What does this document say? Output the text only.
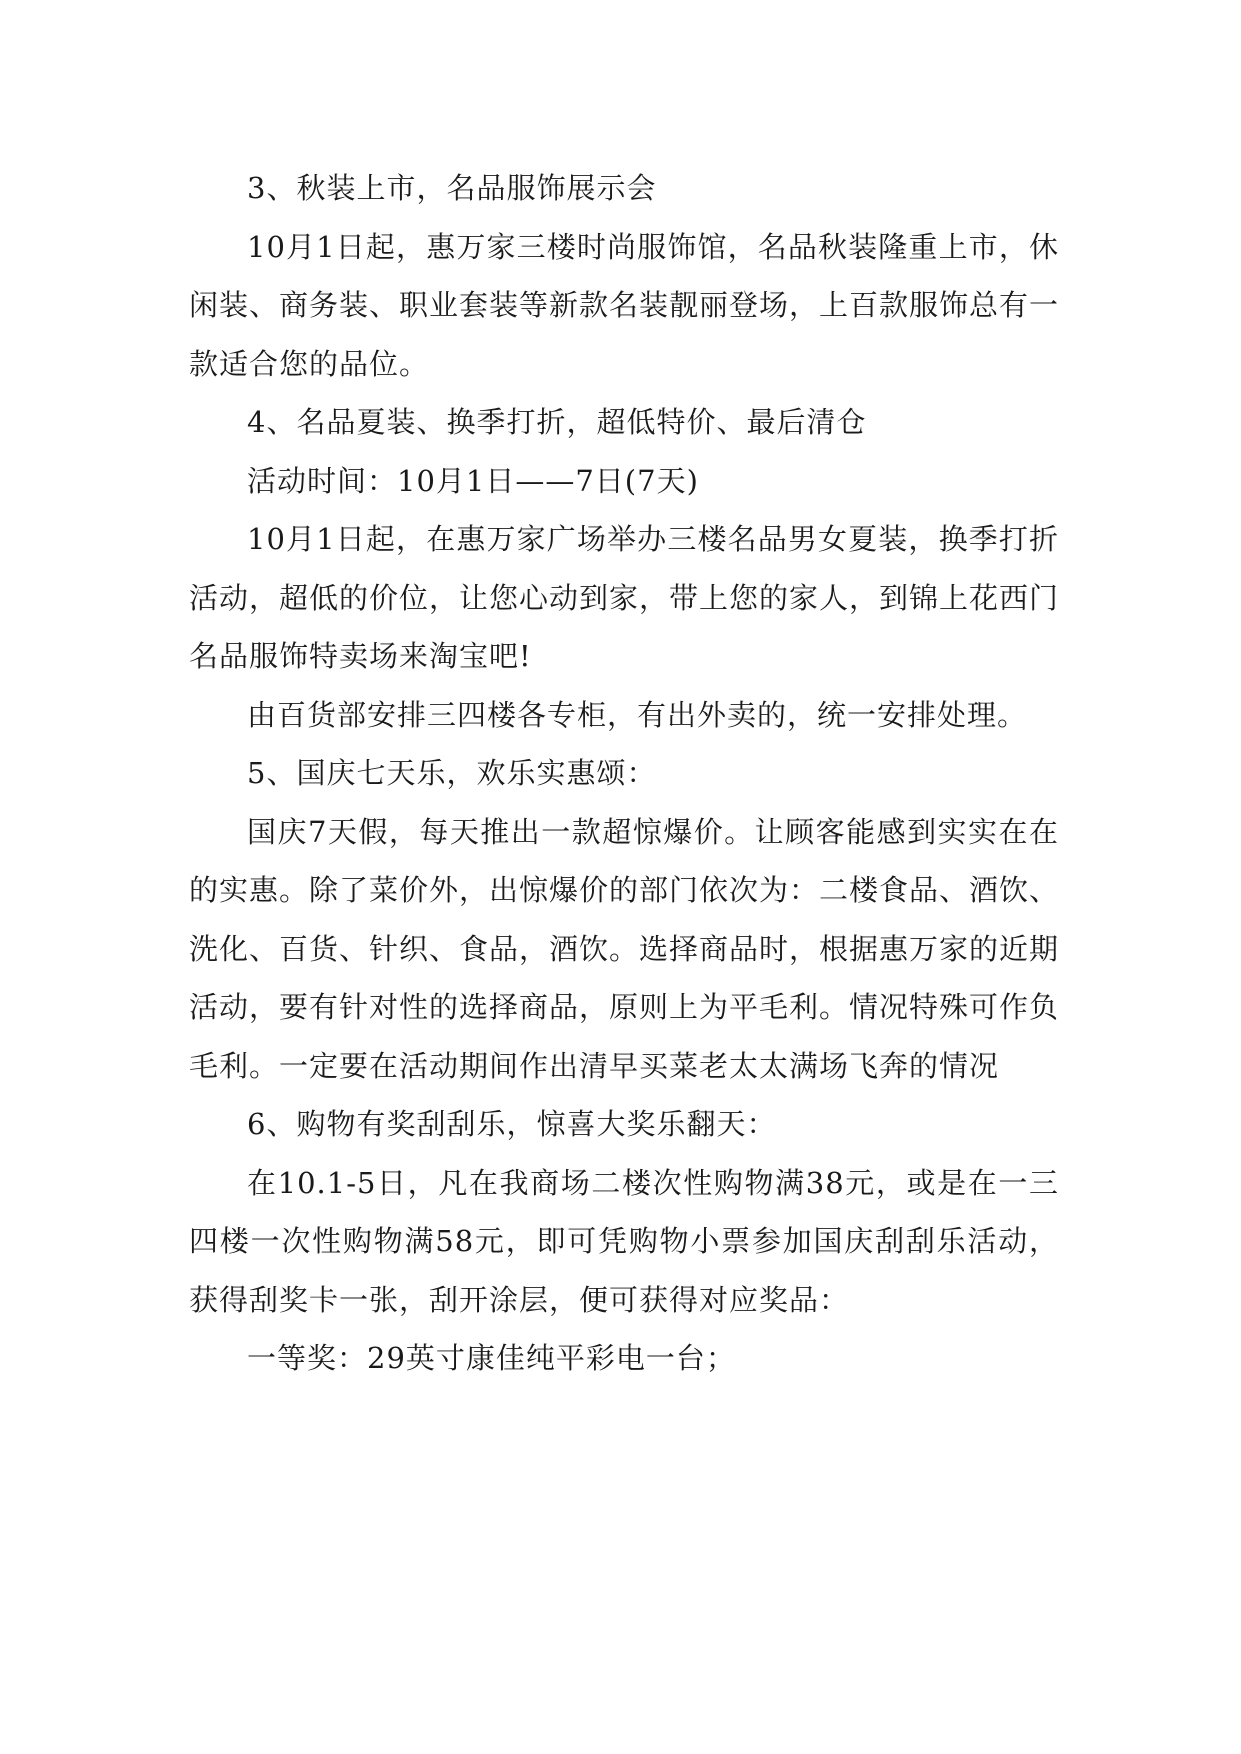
3、秋装上市，名品服饰展示会

10月1日起，惠万家三楼时尚服饰馆，名品秋装隆重上市，休闲装、商务装、职业套装等新款名装靓丽登场，上百款服饰总有一款适合您的品位。

4、名品夏装、换季打折，超低特价、最后清仓

活动时间：10月1日——7日(7天)

10月1日起，在惠万家广场举办三楼名品男女夏装，换季打折活动，超低的价位，让您心动到家，带上您的家人，到锦上花西门名品服饰特卖场来淘宝吧!

由百货部安排三四楼各专柜，有出外卖的，统一安排处理。

5、国庆七天乐，欢乐实惠颂：

国庆7天假，每天推出一款超惊爆价。让顾客能感到实实在在的实惠。除了菜价外，出惊爆价的部门依次为：二楼食品、酒饮、洗化、百货、针织、食品，酒饮。选择商品时，根据惠万家的近期活动，要有针对性的选择商品，原则上为平毛利。情况特殊可作负毛利。一定要在活动期间作出清早买菜老太太满场飞奔的情况

6、购物有奖刮刮乐，惊喜大奖乐翻天：

在10.1-5日，凡在我商场二楼次性购物满38元，或是在一三四楼一次性购物满58元，即可凭购物小票参加国庆刮刮乐活动，获得刮奖卡一张，刮开涂层，便可获得对应奖品：

一等奖：29英寸康佳纯平彩电一台；
